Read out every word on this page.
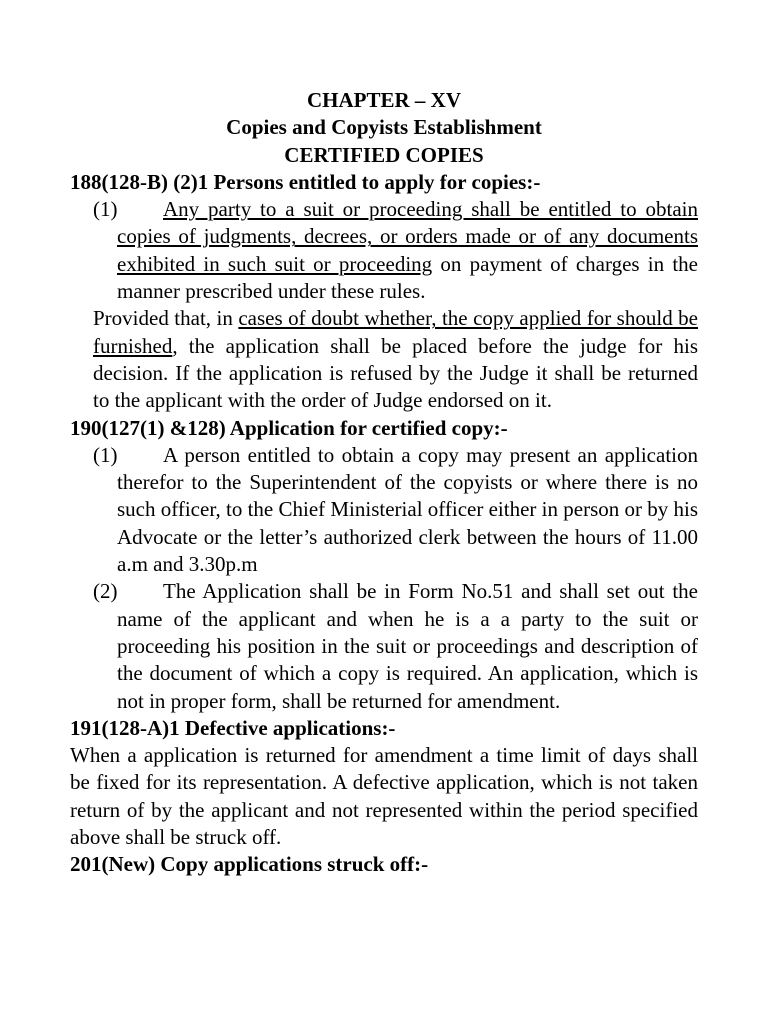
CHAPTER – XV

Copies and Copyists Establishment

CERTIFIED COPIES

188(128-B) (2)1 Persons entitled to apply for copies:-

(1)	Any party to a suit or proceeding shall be entitled to obtain copies of judgments, decrees, or orders made or of any documents exhibited in such suit or proceeding on payment of charges in the manner prescribed under these rules.

Provided that, in cases of doubt whether, the copy applied for should be furnished, the application shall be placed before the judge for his decision. If the application is refused by the Judge it shall be returned to the applicant with the order of Judge endorsed on it.

190(127(1) &128) Application for certified copy:-

(1)	A person entitled to obtain a copy may present an application therefor to the Superintendent of the copyists or where there is no such officer, to the Chief Ministerial officer either in person or by his Advocate or the letter’s authorized clerk between the hours of 11.00 a.m and 3.30p.m

(2)	The Application shall be in Form No.51 and shall set out the name of the applicant and when he is a a party to the suit or proceeding his position in the suit or proceedings and description of the document of which a copy is required. An application, which is not in proper form, shall be returned for amendment.

191(128-A)1 Defective applications:-

When a application is returned for amendment a time limit of days shall be fixed for its representation. A defective application, which is not taken return of by the applicant and not represented within the period specified above shall be struck off.

201(New) Copy applications struck off:-
